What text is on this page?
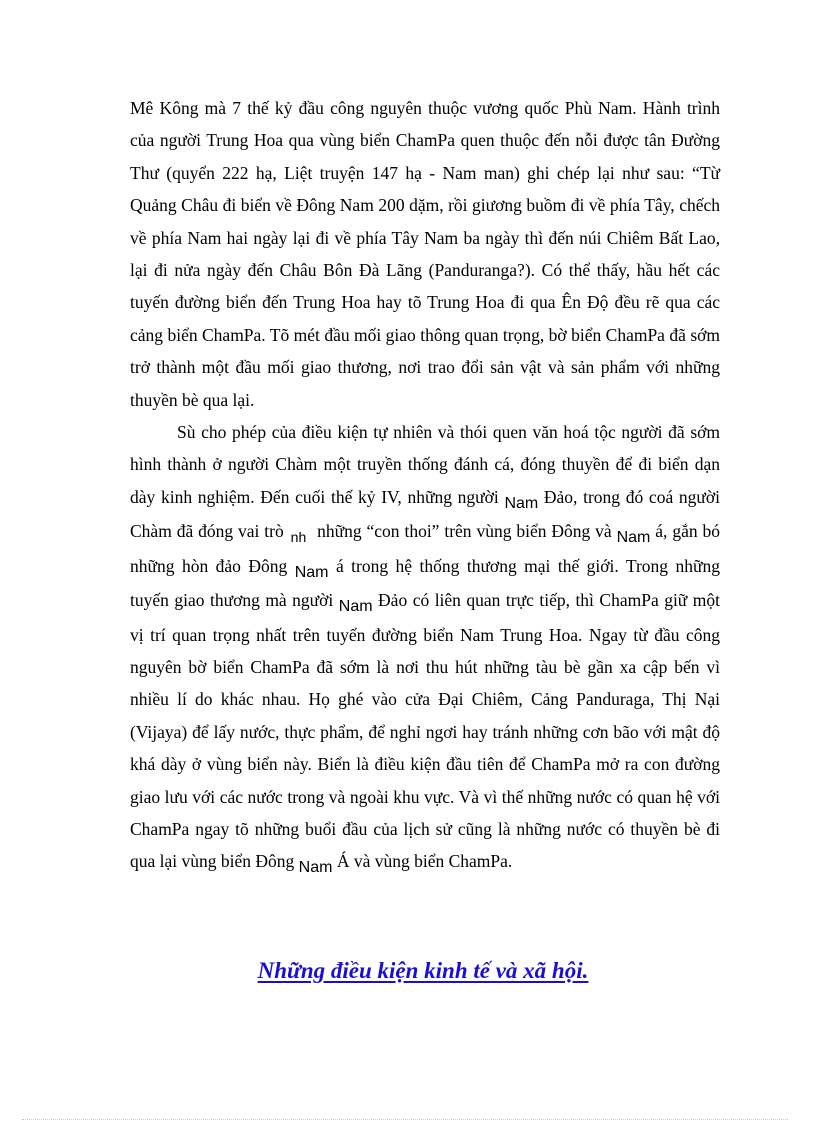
Mê Kông mà 7 thế kỷ đầu công nguyên thuộc vương quốc Phù Nam. Hành trình của người Trung Hoa qua vùng biển ChamPa quen thuộc đến nỗi được tân Đường Thư (quyển 222 hạ, Liệt truyện 147 hạ - Nam man) ghi chép lại như sau: “Từ Quảng Châu đi biển về Đông Nam 200 dặm, rồi giương buồm đi về phía Tây, chếch về phía Nam hai ngày lại đi về phía Tây Nam ba ngày thì đến núi Chiêm Bất Lao, lại đi nửa ngày đến Châu Bôn Đà Lãng (Panduranga?). Có thể thấy, hầu hết các tuyến đường biển đến Trung Hoa hay tõ Trung Hoa đi qua Ên Độ đều rẽ qua các cảng biển ChamPa. Tõ mét đầu mối giao thông quan trọng, bờ biển ChamPa đã sớm trở thành một đầu mối giao thương, nơi trao đổi sản vật và sản phẩm với những thuyền bè qua lại.

Sù cho phép của điều kiện tự nhiên và thói quen văn hoá tộc người đã sớm hình thành ở người Chàm một truyền thống đánh cá, đóng thuyền để đi biển dạn dày kinh nghiệm. Đến cuối thế kỷ IV, những người Nam Đảo, trong đó coá người Chàm đã đóng vai trò $_{nh}$ những “con thoi” trên vùng biển Đông và Nam á, gắn bó những hòn đảo Đông Nam á trong hệ thống thương mại thế giới. Trong những tuyến giao thương mà người Nam Đảo có liên quan trực tiếp, thì ChamPa giữ một vị trí quan trọng nhất trên tuyến đường biển Nam Trung Hoa. Ngay từ đầu công nguyên bờ biển ChamPa đã sớm là nơi thu hút những tàu bè gần xa cập bến vì nhiều lí do khác nhau. Họ ghé vào cửa Đại Chiêm, Cảng Panduraga, Thị Nại (Vijaya) để lấy nước, thực phẩm, để nghỉ ngơi hay tránh những cơn bão với mật độ khá dày ở vùng biển này. Biển là điều kiện đầu tiên để ChamPa mở ra con đường giao lưu với các nước trong và ngoài khu vực. Và vì thế những nước có quan hệ với ChamPa ngay tõ những buổi đầu của lịch sử cũng là những nước có thuyền bè đi qua lại vùng biển Đông Nam Á và vùng biển ChamPa.

Những điều kiện kinh tế và xã hội.
